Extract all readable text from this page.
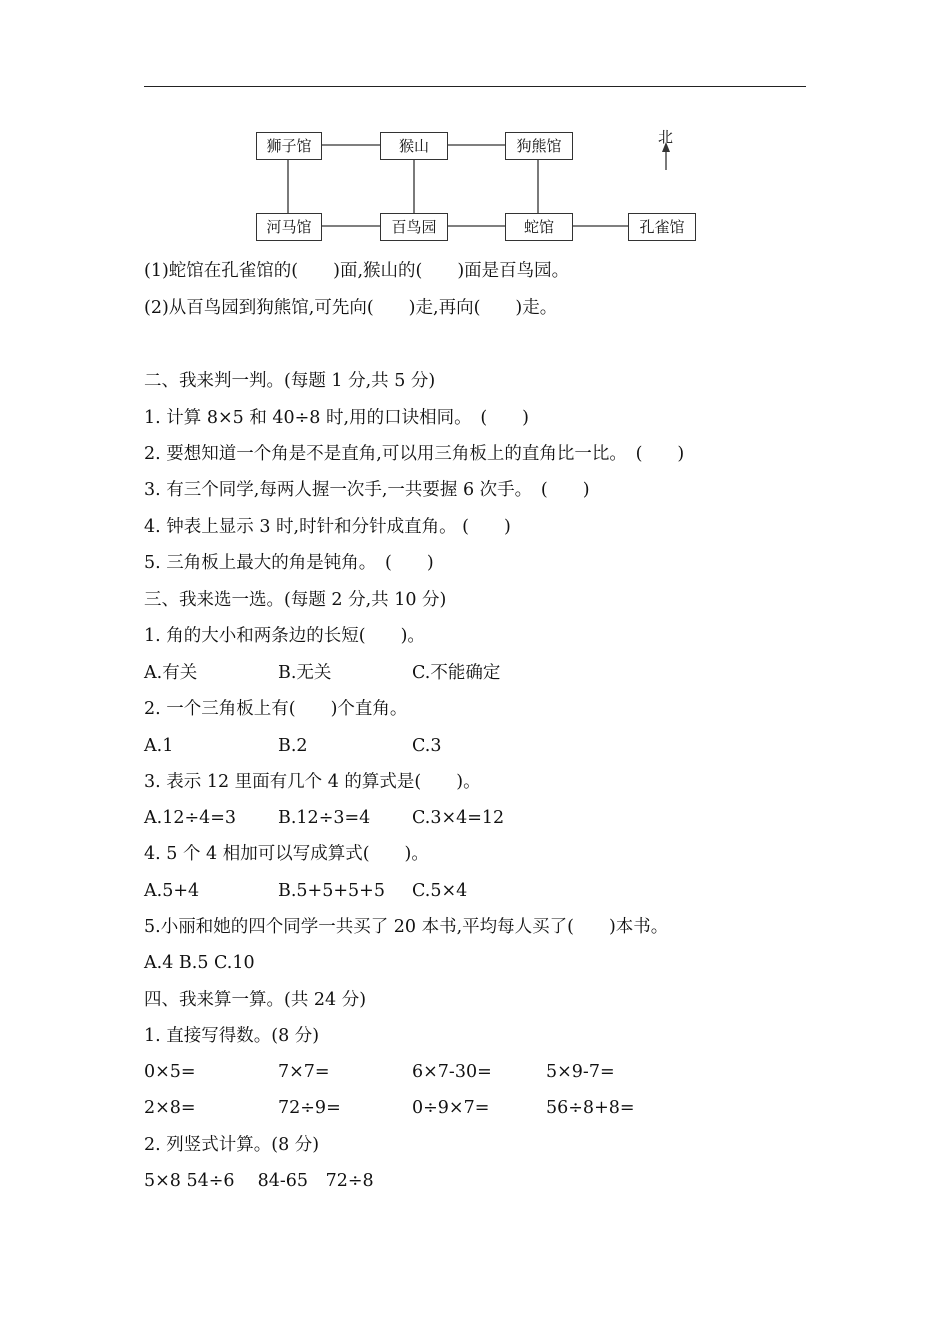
北
狮子馆	猴山	狗熊馆
河马馆	百鸟园	蛇馆	孔雀馆
(1)蛇馆在孔雀馆的(　　)面,猴山的(　　)面是百鸟园。
(2)从百鸟园到狗熊馆,可先向(　　)走,再向(　　)走。
二、我来判一判。(每题 1 分,共 5 分)
1. 计算 8×5 和 40÷8 时,用的口诀相同。　(　　)
2. 要想知道一个角是不是直角,可以用三角板上的直角比一比。　(　　)
3. 有三个同学,每两人握一次手,一共要握 6 次手。　(　　)
4. 钟表上显示 3 时,时针和分针成直角。 (　　)
5. 三角板上最大的角是钝角。　(　　)
三、我来选一选。(每题 2 分,共 10 分)
1. 角的大小和两条边的长短(　　)。
A.有关	B.无关	C.不能确定
2. 一个三角板上有(　　)个直角。
A.1	B.2	C.3
3. 表示 12 里面有几个 4 的算式是(　　)。
A.12÷4=3 B.12÷3=4 C.3×4=12
4. 5 个 4 相加可以写成算式(　　)。
A.5+4	B.5+5+5+5 C.5×4
5.小丽和她的四个同学一共买了 20 本书,平均每人买了(　　)本书。
A.4 B.5 C.10
四、我来算一算。(共 24 分)
1. 直接写得数。(8 分)
0×5=	7×7=	6×7-30=	5×9-7=
2×8=	72÷9=	0÷9×7=	56÷8+8=
2. 列竖式计算。(8 分)
5×8 54÷6　 84-65　72÷8
